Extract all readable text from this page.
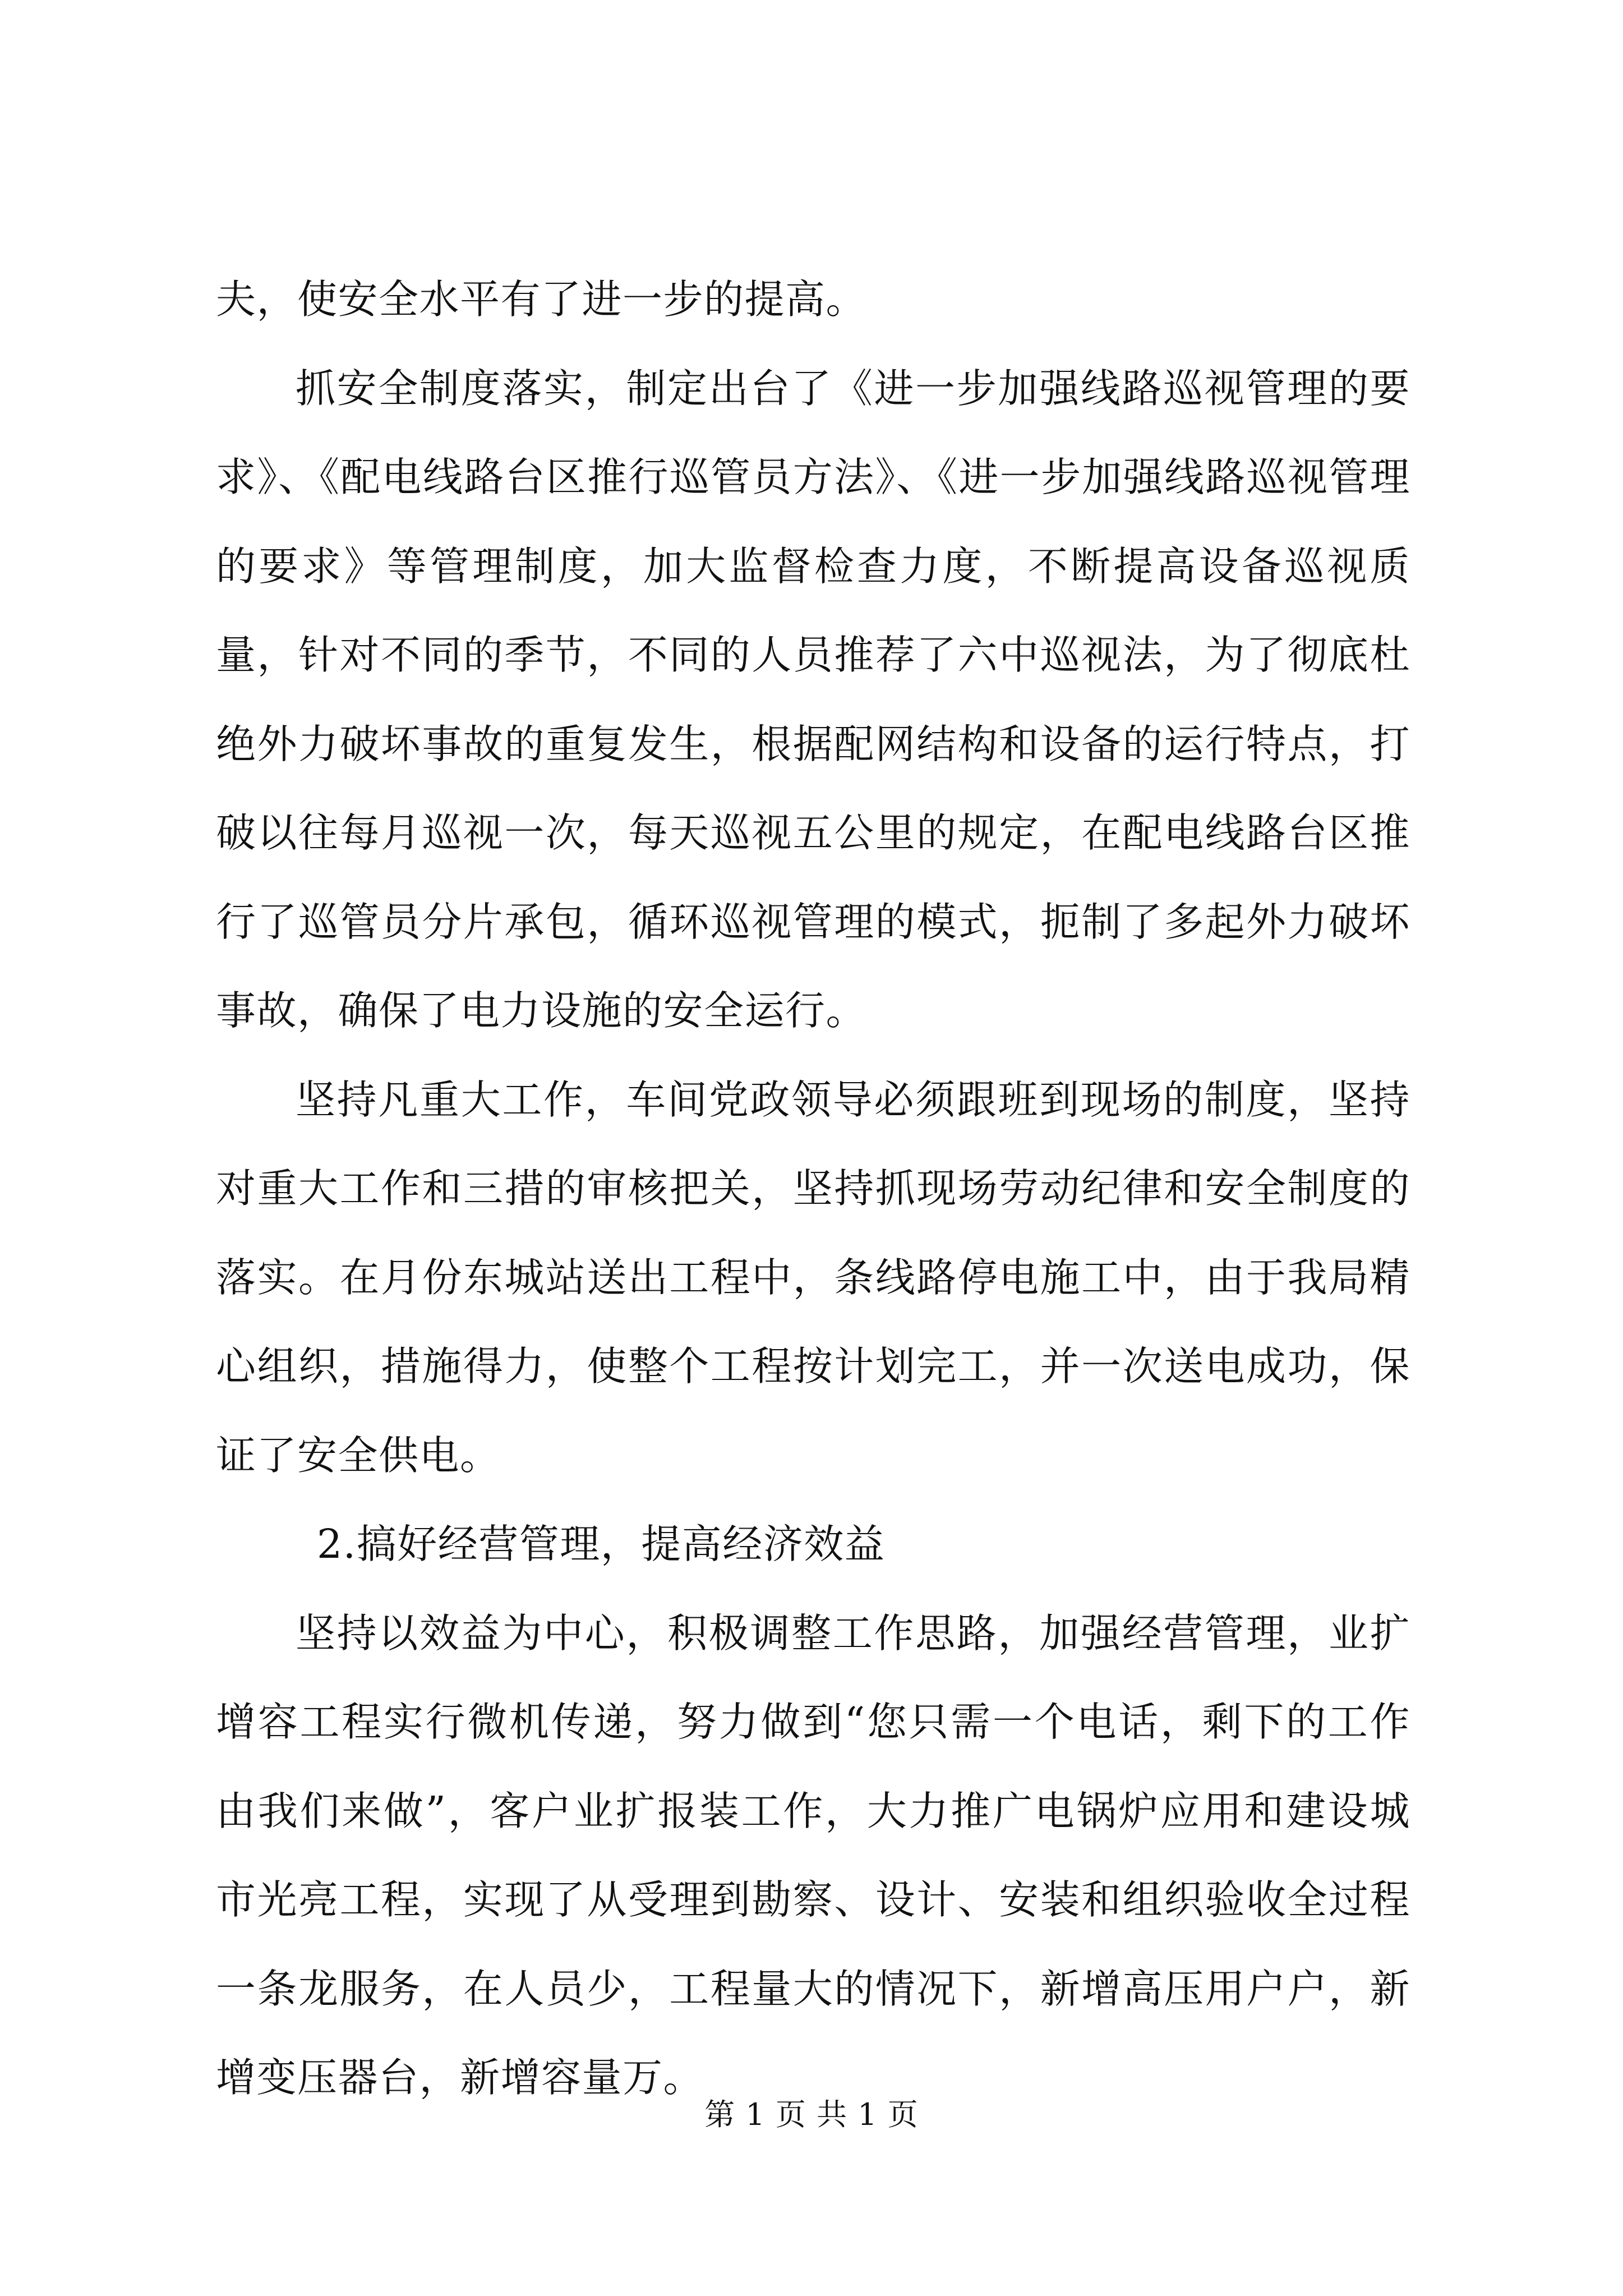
夫，使安全水平有了进一步的提高。

抓安全制度落实，制定出台了《进一步加强线路巡视管理的要求》、《配电线路台区推行巡管员方法》、《进一步加强线路巡视管理的要求》等管理制度，加大监督检查力度，不断提高设备巡视质量，针对不同的季节，不同的人员推荐了六中巡视法，为了彻底杜绝外力破坏事故的重复发生，根据配网结构和设备的运行特点，打破以往每月巡视一次，每天巡视五公里的规定，在配电线路台区推行了巡管员分片承包，循环巡视管理的模式，扼制了多起外力破坏事故，确保了电力设施的安全运行。

坚持凡重大工作，车间党政领导必须跟班到现场的制度，坚持对重大工作和三措的审核把关，坚持抓现场劳动纪律和安全制度的落实。在月份东城站送出工程中，条线路停电施工中，由于我局精心组织，措施得力，使整个工程按计划完工，并一次送电成功，保证了安全供电。

2.搞好经营管理，提高经济效益

坚持以效益为中心，积极调整工作思路，加强经营管理，业扩增容工程实行微机传递，努力做到“您只需一个电话，剩下的工作由我们来做”，客户业扩报装工作，大力推广电锅炉应用和建设城市光亮工程，实现了从受理到勘察、设计、安装和组织验收全过程一条龙服务，在人员少，工程量大的情况下，新增高压用户户，新增变压器台，新增容量万。

第 1 页 共 1 页
